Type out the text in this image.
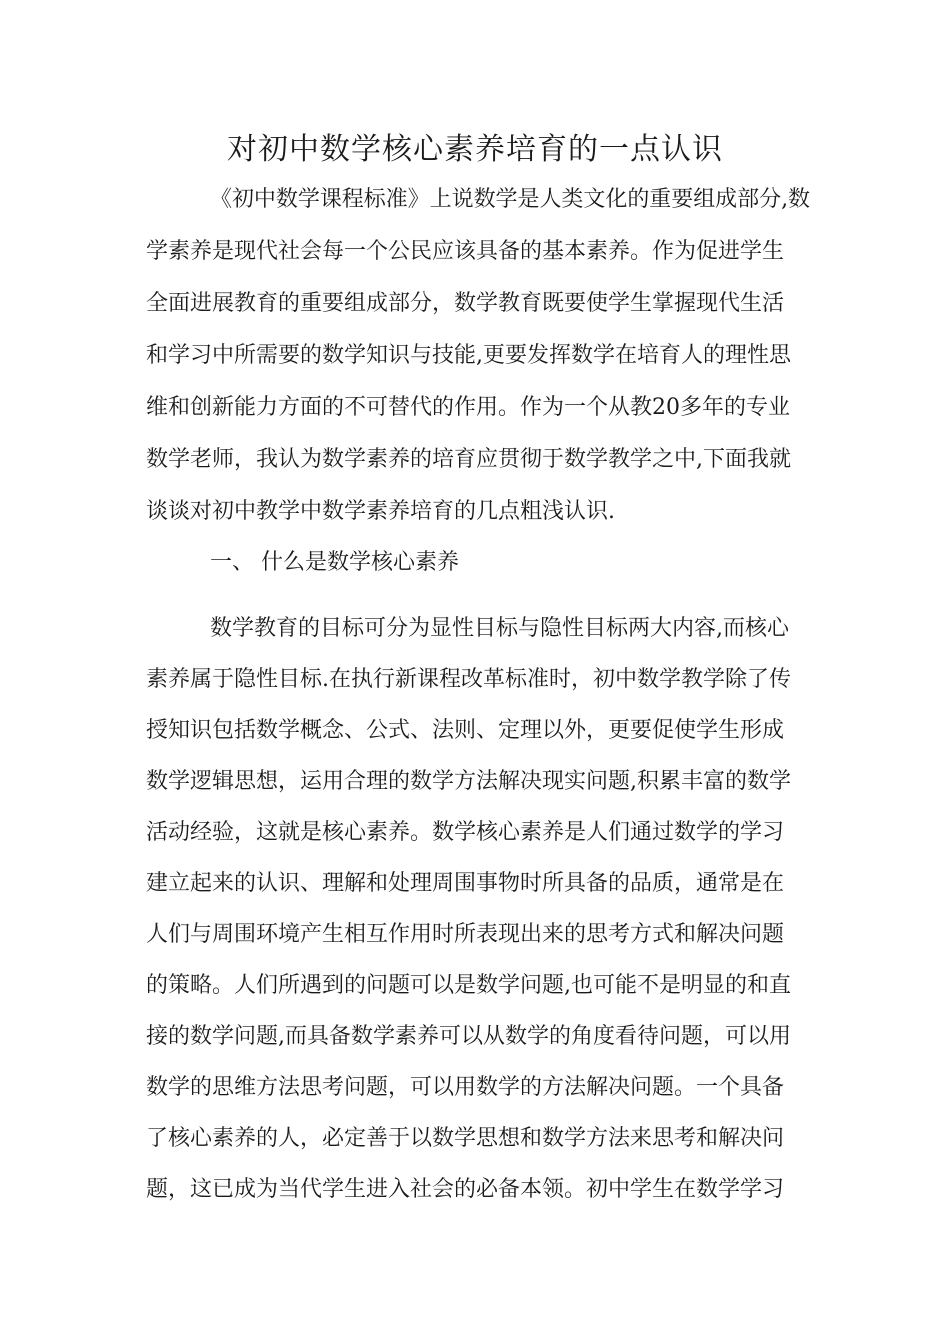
对初中数学核心素养培育的一点认识
《初中数学课程标准》上说数学是人类文化的重要组成部分,数
学素养是现代社会每一个公民应该具备的基本素养。作为促进学生
全面进展教育的重要组成部分，数学教育既要使学生掌握现代生活
和学习中所需要的数学知识与技能,更要发挥数学在培育人的理性思
维和创新能力方面的不可替代的作用。作为一个从教20多年的专业
数学老师，我认为数学素养的培育应贯彻于数学教学之中,下面我就
谈谈对初中教学中数学素养培育的几点粗浅认识.
一、 什么是数学核心素养
数学教育的目标可分为显性目标与隐性目标两大内容,而核心
素养属于隐性目标.在执行新课程改革标准时，初中数学教学除了传
授知识包括数学概念、公式、法则、定理以外，更要促使学生形成
数学逻辑思想，运用合理的数学方法解决现实问题,积累丰富的数学
活动经验，这就是核心素养。数学核心素养是人们通过数学的学习
建立起来的认识、理解和处理周围事物时所具备的品质，通常是在
人们与周围环境产生相互作用时所表现出来的思考方式和解决问题
的策略。人们所遇到的问题可以是数学问题,也可能不是明显的和直
接的数学问题,而具备数学素养可以从数学的角度看待问题，可以用
数学的思维方法思考问题，可以用数学的方法解决问题。一个具备
了核心素养的人，必定善于以数学思想和数学方法来思考和解决问
题，这已成为当代学生进入社会的必备本领。初中学生在数学学习
